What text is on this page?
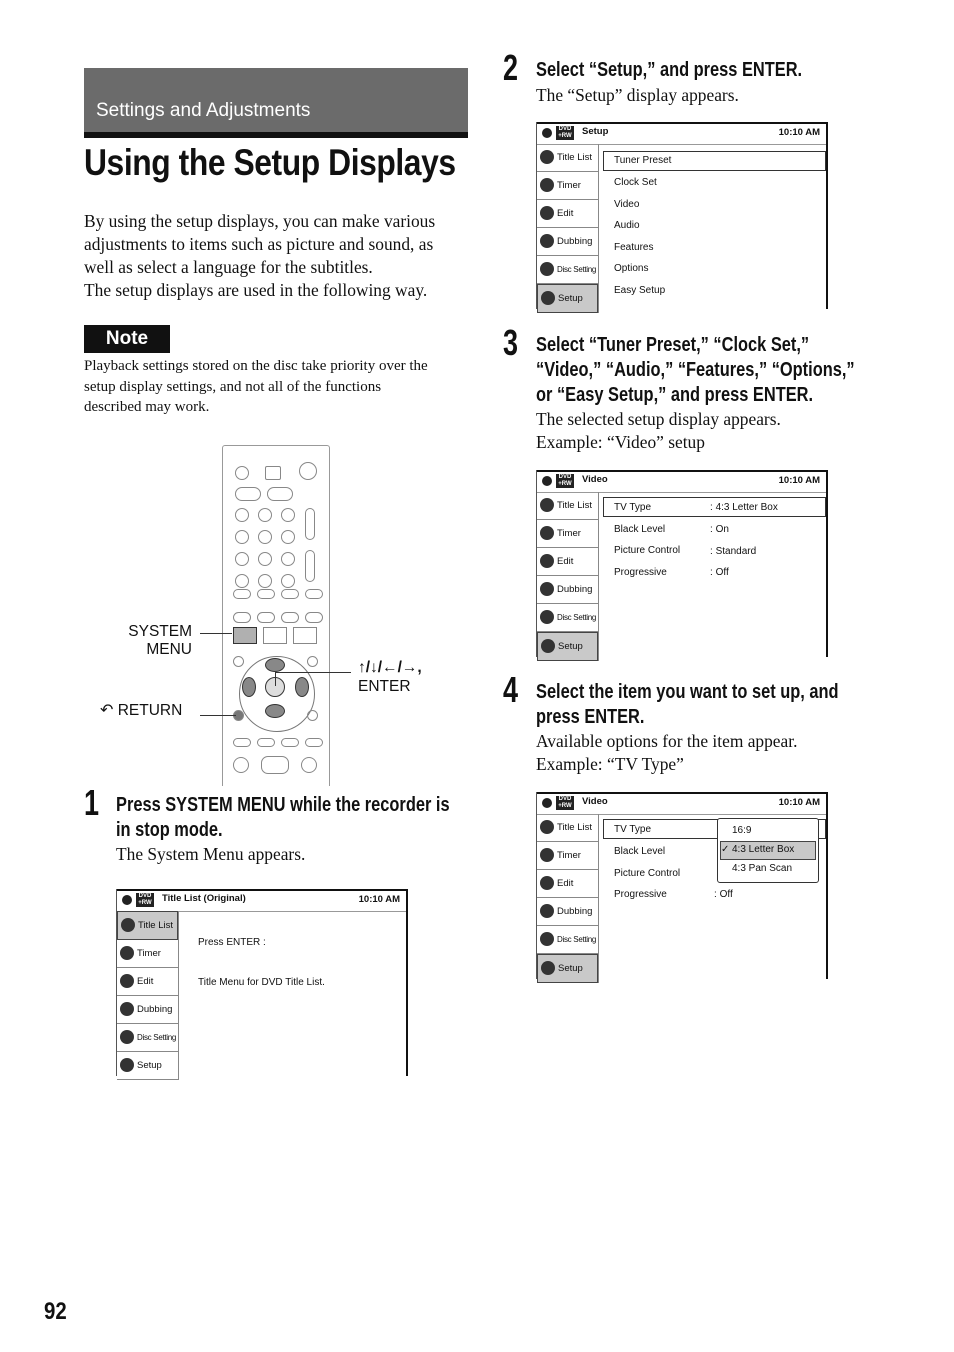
Settings and Adjustments
Using the Setup Displays
By using the setup displays, you can make various
adjustments to items such as picture and sound, as
well as select a language for the subtitles.
The setup displays are used in the following way.
Note
Playback settings stored on the disc take priority over the
setup display settings, and not all of the functions
described may work.
SYSTEM
MENU
↶ RETURN
↑/↓/←/→,
ENTER
1 Press SYSTEM MENU while the recorder is
in stop mode.
The System Menu appears.
DVD +RW Title List (Original)	10:10 AM
Title List
Timer
Edit
Dubbing
Disc Setting
Setup
Press ENTER :
Title Menu for DVD Title List.
2 Select “Setup,” and press ENTER.
The “Setup” display appears.
DVD +RW Setup	10:10 AM
Title List
Timer
Edit
Dubbing
Disc Setting
Setup
Tuner Preset
Clock Set
Video
Audio
Features
Options
Easy Setup
3 Select “Tuner Preset,” “Clock Set,”
“Video,” “Audio,” “Features,” “Options,”
or “Easy Setup,” and press ENTER.
The selected setup display appears.
Example: “Video” setup
DVD +RW Video	10:10 AM
Title List
Timer
Edit
Dubbing
Disc Setting
Setup
TV Type	: 4:3 Letter Box
Black Level	: On
Picture Control	: Standard
Progressive	: Off
4 Select the item you want to set up, and
press ENTER.
Available options for the item appear.
Example: “TV Type”
DVD +RW Video	10:10 AM
Title List
Timer
Edit
Dubbing
Disc Setting
Setup
TV Type
Black Level
Picture Control
Progressive	: Off
16:9
✓ 4:3 Letter Box
4:3 Pan Scan
92
